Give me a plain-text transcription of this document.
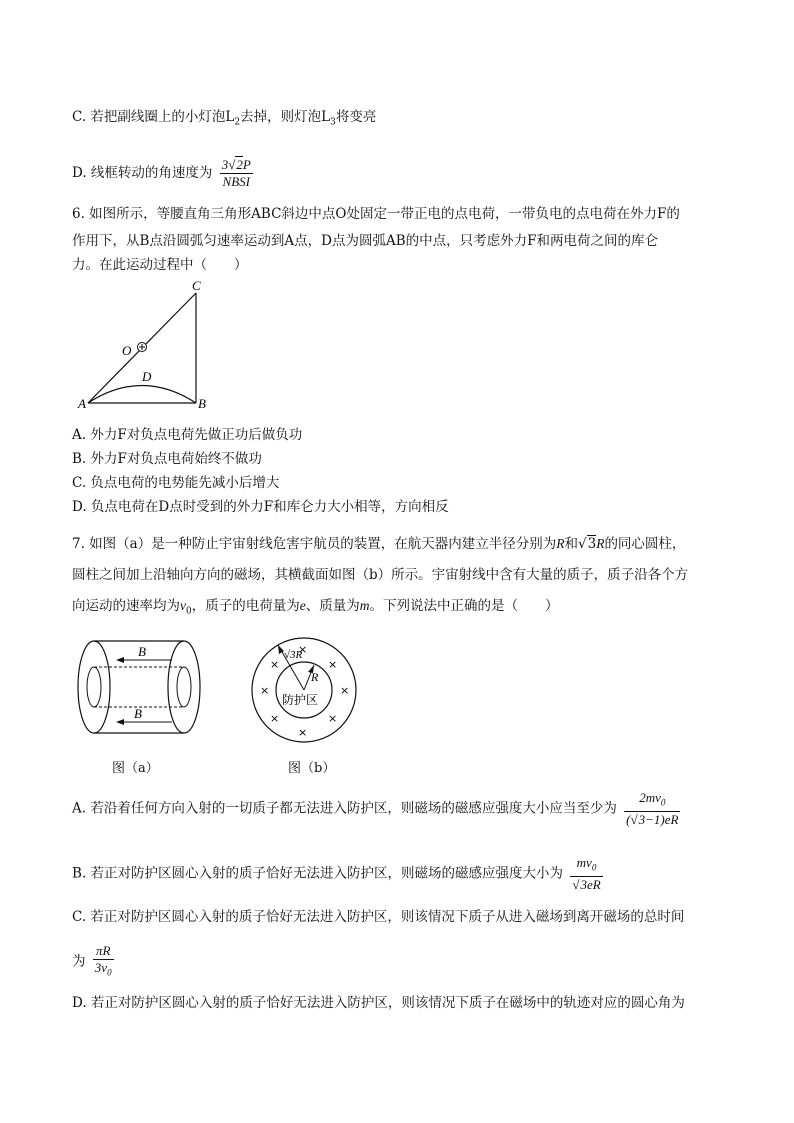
C. 若把副线圈上的小灯泡$L_2$去掉，则灯泡$L_3$将变亮
D. 线框转动的角速度为 $\frac{3√2P}{\text{NBSI}}$
6. 如图所示，等腰直角三角形ABC斜边中点O处固定一带正电的点电荷，一带负电的点电荷在外力F的
作用下，从B点沿圆弧匀速率运动到A点，D点为圆弧AB的中点，只考虑外力F和两电荷之间的库仑
力。在此运动过程中（　　）
A	B
C
O
D
A. 外力F对负点电荷先做正功后做负功
B. 外力F对负点电荷始终不做功
C. 负点电荷的电势能先减小后增大
D. 负点电荷在D点时受到的外力F和库仑力大小相等，方向相反
7. 如图（a）是一种防止宇宙射线危害宇航员的装置，在航天器内建立半径分别为R和√3R的同心圆柱，
圆柱之间加上沿轴向方向的磁场，其横截面如图（b）所示。宇宙射线中含有大量的质子，质子沿各个方
向运动的速率均为$v_0$，质子的电荷量为e、质量为m。下列说法中正确的是（　　）
B
B
图（a）
√3R
R
防护区
×
×	×
×	×
×	×
×
图（b）
A. 若沿着任何方向入射的一切质子都无法进入防护区，则磁场的磁感应强度大小应当至少为 $\frac{2mv_0}{(√3-1)eR}$
B. 若正对防护区圆心入射的质子恰好无法进入防护区，则磁场的磁感应强度大小为 $\frac{mv_0}{√3eR}$
C. 若正对防护区圆心入射的质子恰好无法进入防护区，则该情况下质子从进入磁场到离开磁场的总时间
为 $\frac{\pi R}{3v_0}$
D. 若正对防护区圆心入射的质子恰好无法进入防护区，则该情况下质子在磁场中的轨迹对应的圆心角为
